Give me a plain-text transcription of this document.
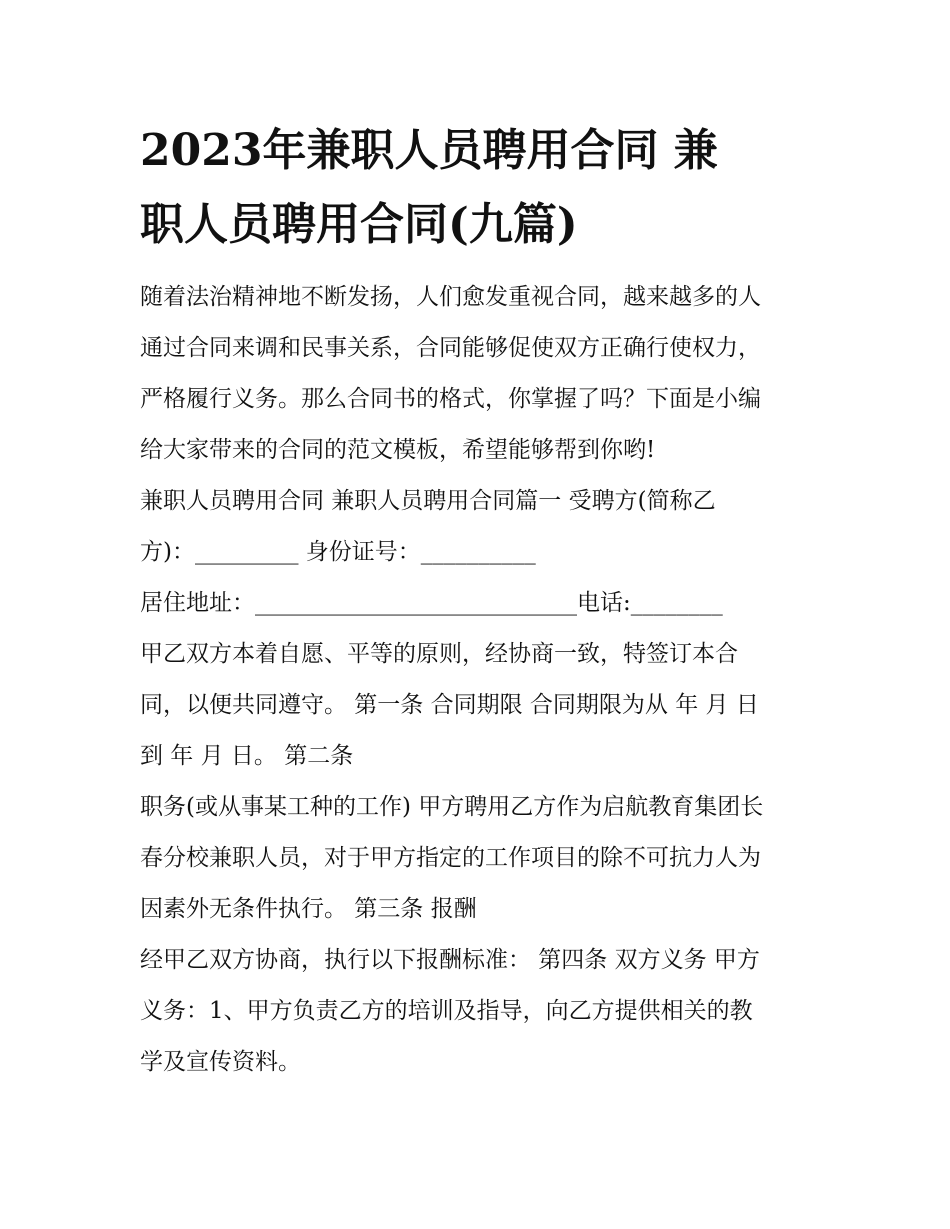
2023年兼职人员聘用合同 兼
职人员聘用合同(九篇)
随着法治精神地不断发扬，人们愈发重视合同，越来越多的人
通过合同来调和民事关系，合同能够促使双方正确行使权力，
严格履行义务。那么合同书的格式，你掌握了吗？下面是小编
给大家带来的合同的范文模板，希望能够帮到你哟!
兼职人员聘用合同 兼职人员聘用合同篇一 受聘方(简称乙
方)：_________ 身份证号：__________
居住地址：____________________________电话:________
甲乙双方本着自愿、平等的原则，经协商一致，特签订本合
同，以便共同遵守。 第一条 合同期限 合同期限为从 年 月 日
到 年 月 日。 第二条
职务(或从事某工种的工作) 甲方聘用乙方作为启航教育集团长
春分校兼职人员，对于甲方指定的工作项目的除不可抗力人为
因素外无条件执行。 第三条 报酬
经甲乙双方协商，执行以下报酬标准： 第四条 双方义务 甲方
义务：1、甲方负责乙方的培训及指导，向乙方提供相关的教
学及宣传资料。
